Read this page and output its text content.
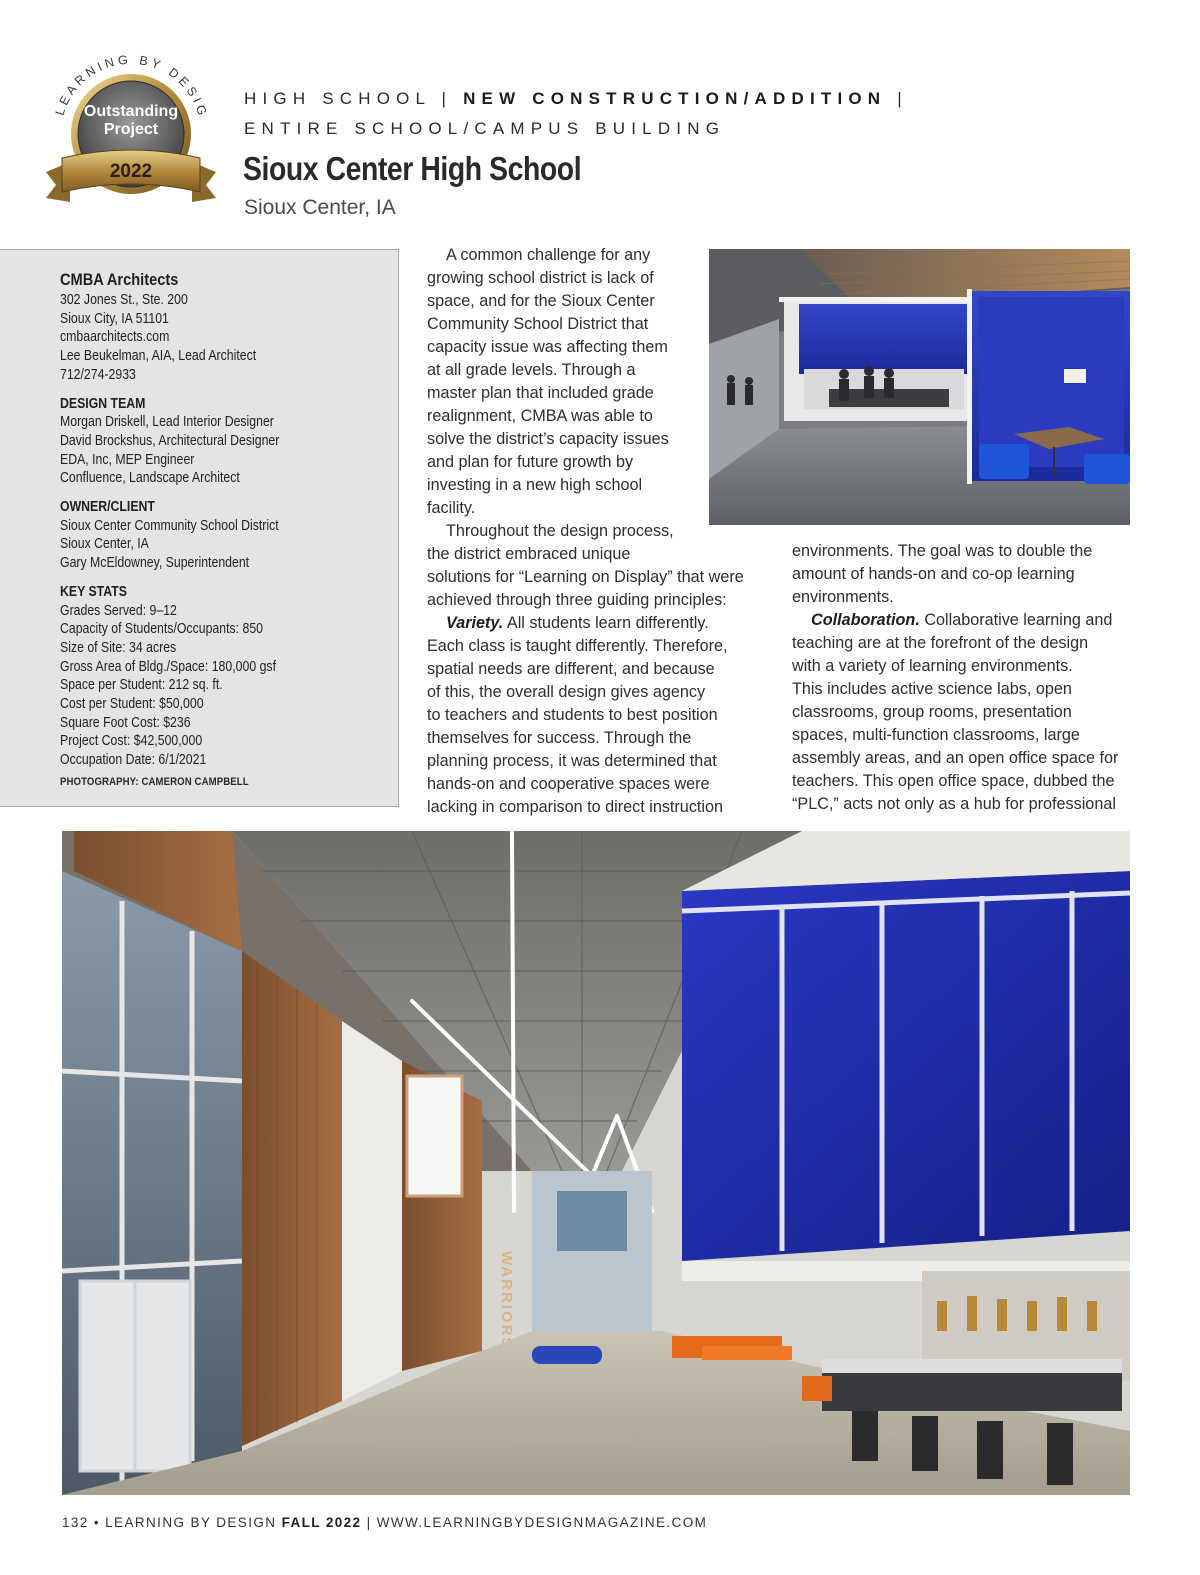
LEARNING BY DESIG
Outstanding
Project
2022
HIGH SCHOOL | NEW CONSTRUCTION/ADDITION |
ENTIRE SCHOOL/CAMPUS BUILDING
Sioux Center High School
Sioux Center, IA
CMBA Architects
302 Jones St., Ste. 200
Sioux City, IA 51101
cmbaarchitects.com
Lee Beukelman, AIA, Lead Architect
712/274-2933
DESIGN TEAM
Morgan Driskell, Lead Interior Designer
David Brockshus, Architectural Designer
EDA, Inc, MEP Engineer
Confluence, Landscape Architect
OWNER/CLIENT
Sioux Center Community School District
Sioux Center, IA
Gary McEldowney, Superintendent
KEY STATS
Grades Served: 9–12
Capacity of Students/Occupants: 850
Size of Site: 34 acres
Gross Area of Bldg./Space: 180,000 gsf
Space per Student: 212 sq. ft.
Cost per Student: $50,000
Square Foot Cost: $236
Project Cost: $42,500,000
Occupation Date: 6/1/2021
PHOTOGRAPHY: CAMERON CAMPBELL
A common challenge for any
growing school district is lack of
space, and for the Sioux Center
Community School District that
capacity issue was affecting them
at all grade levels. Through a
master plan that included grade
realignment, CMBA was able to
solve the district’s capacity issues
and plan for future growth by
investing in a new high school
facility.
Throughout the design process,
the district embraced unique
solutions for “Learning on Display” that were
achieved through three guiding principles:
Variety. All students learn differently.
Each class is taught differently. Therefore,
spatial needs are different, and because
of this, the overall design gives agency
to teachers and students to best position
themselves for success. Through the
planning process, it was determined that
hands-on and cooperative spaces were
lacking in comparison to direct instruction
environments. The goal was to double the
amount of hands-on and co-op learning
environments.
Collaboration. Collaborative learning and
teaching are at the forefront of the design
with a variety of learning environments.
This includes active science labs, open
classrooms, group rooms, presentation
spaces, multi-function classrooms, large
assembly areas, and an open office space for
teachers. This open office space, dubbed the
“PLC,” acts not only as a hub for professional
WARRIORS
132 • LEARNING BY DESIGN FALL 2022 | WWW.LEARNINGBYDESIGNMAGAZINE.COM
